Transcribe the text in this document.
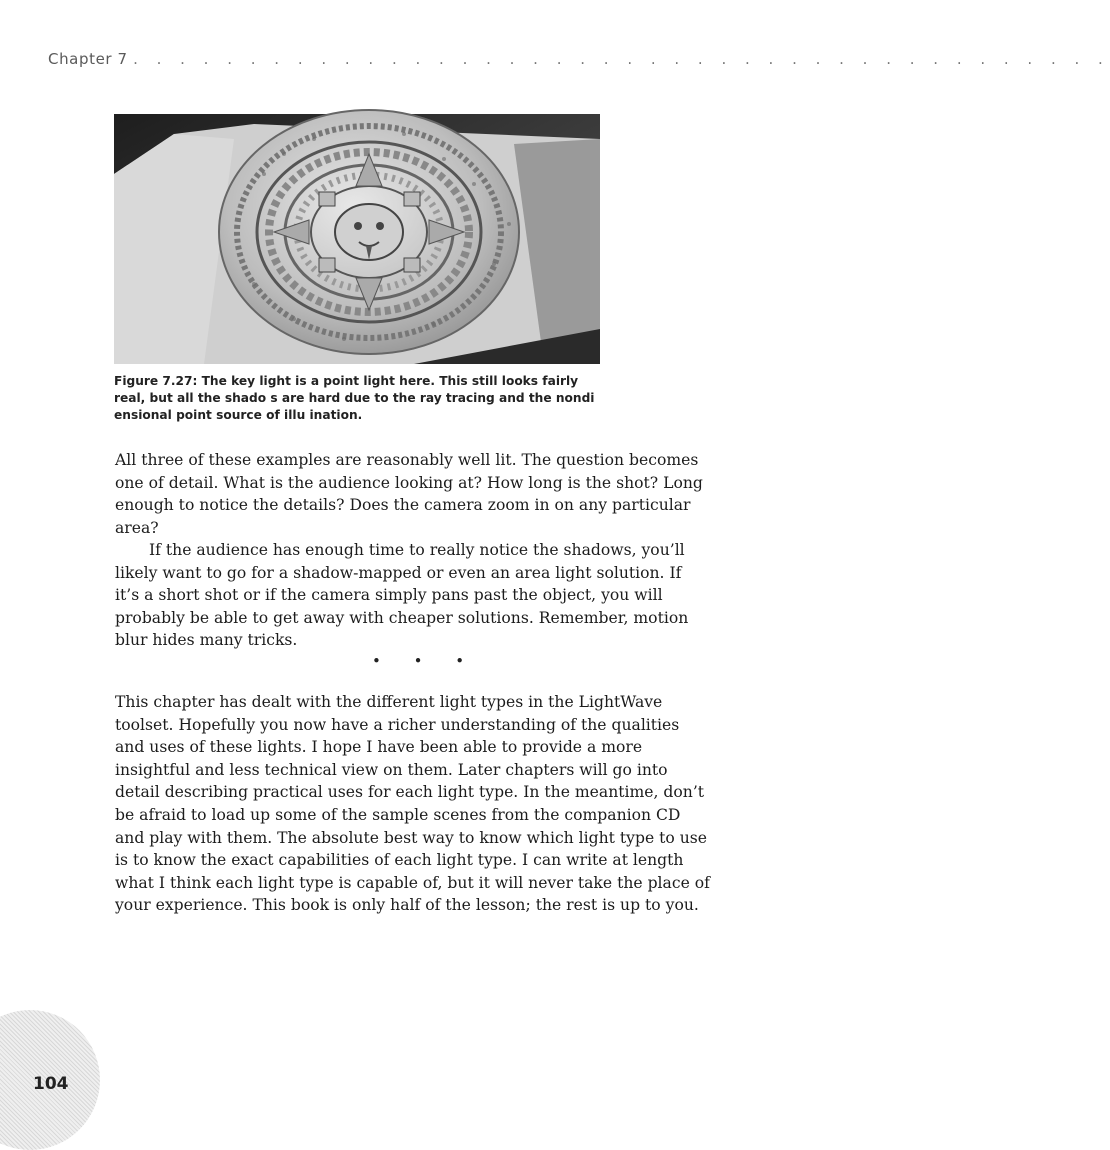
Chapter 7 . . . . . . . . . . . . . . . . . . . . . . . . . . . . . . . . . . . . . . . . . .
Figure 7.27: The key light is a point light here. This still looks fairly real, but all the shado s are hard due to the ray tracing and the nondi ensional point source of illu ination.

All three of these examples are reasonably well lit. The question becomes one of detail. What is the audience looking at? How long is the shot? Long enough to notice the details? Does the camera zoom in on any particular area?

If the audience has enough time to really notice the shadows, you’ll likely want to go for a shadow-mapped or even an area light solution. If it’s a short shot or if the camera simply pans past the object, you will probably be able to get away with cheaper solutions. Remember, motion blur hides many tricks.

• • •

This chapter has dealt with the different light types in the LightWave toolset. Hopefully you now have a richer understanding of the qualities and uses of these lights. I hope I have been able to provide a more insightful and less technical view on them. Later chapters will go into detail describing practical uses for each light type. In the meantime, don’t be afraid to load up some of the sample scenes from the companion CD and play with them. The absolute best way to know which light type to use is to know the exact capabilities of each light type. I can write at length what I think each light type is capable of, but it will never take the place of your experience. This book is only half of the lesson; the rest is up to you.

104
